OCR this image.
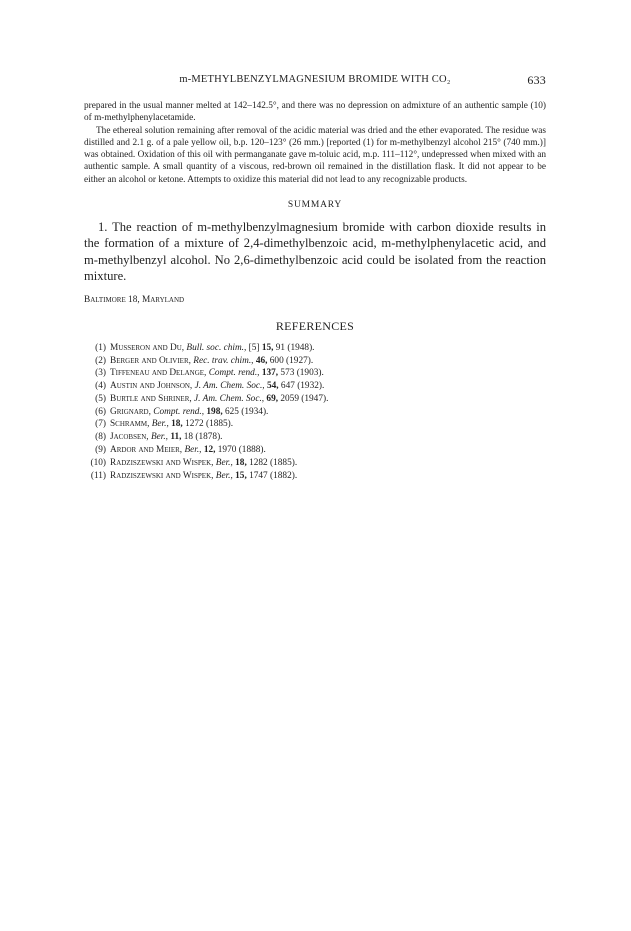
m-METHYLBENZYLMAGNESIUM BROMIDE WITH CO₂	633

prepared in the usual manner melted at 142–142.5°, and there was no depression on admixture of an authentic sample (10) of m-methylphenylacetamide.

The ethereal solution remaining after removal of the acidic material was dried and the ether evaporated. The residue was distilled and 2.1 g. of a pale yellow oil, b.p. 120–123° (26 mm.) [reported (1) for m-methylbenzyl alcohol 215° (740 mm.)] was obtained. Oxidation of this oil with permanganate gave m-toluic acid, m.p. 111–112°, undepressed when mixed with an authentic sample. A small quantity of a viscous, red-brown oil remained in the distillation flask. It did not appear to be either an alcohol or ketone. Attempts to oxidize this material did not lead to any recognizable products.

SUMMARY

1. The reaction of m-methylbenzylmagnesium bromide with carbon dioxide results in the formation of a mixture of 2,4-dimethylbenzoic acid, m-methylphenylacetic acid, and m-methylbenzyl alcohol. No 2,6-dimethylbenzoic acid could be isolated from the reaction mixture.

Baltimore 18, Maryland
REFERENCES
(1) Musseron and Du, Bull. soc. chim., [5] 15, 91 (1948).
(2) Berger and Olivier, Rec. trav. chim., 46, 600 (1927).
(3) Tiffeneau and Delange, Compt. rend., 137, 573 (1903).
(4) Austin and Johnson, J. Am. Chem. Soc., 54, 647 (1932).
(5) Burtle and Shriner, J. Am. Chem. Soc., 69, 2059 (1947).
(6) Grignard, Compt. rend., 198, 625 (1934).
(7) Schramm, Ber., 18, 1272 (1885).
(8) Jacobsen, Ber., 11, 18 (1878).
(9) Ardor and Meier, Ber., 12, 1970 (1888).
(10) Radziszewski and Wispek, Ber., 18, 1282 (1885).
(11) Radziszewski and Wispek, Ber., 15, 1747 (1882).
